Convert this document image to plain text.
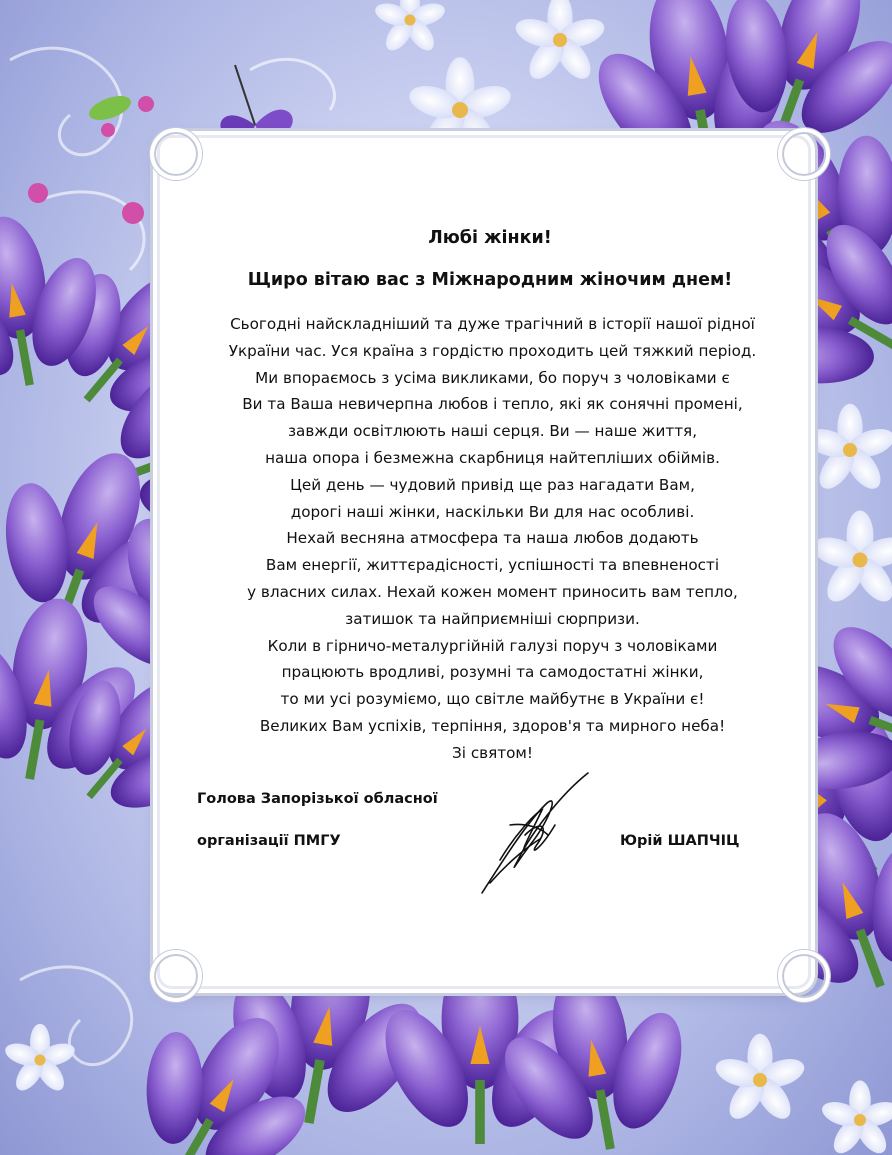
Любі жінки!
Щиро вітаю вас з Міжнародним жіночим днем!
Сьогодні найскладніший та дуже трагічний в історії нашої рідної
України час. Уся країна з гордістю проходить цей тяжкий період.
Ми впораємось з усіма викликами, бо поруч з чоловіками є
Ви та Ваша невичерпна любов і тепло, які як сонячні промені,
завжди освітлюють наші серця. Ви — наше життя,
наша опора і безмежна скарбниця найтепліших обіймів.
Цей день — чудовий привід ще раз нагадати Вам,
дорогі наші жінки, наскільки Ви для нас особливі.
Нехай весняна атмосфера та наша любов додають
Вам енергії, життєрадісності, успішності та впевненості
у власних силах. Нехай кожен момент приносить вам тепло,
затишок та найприємніші сюрпризи.
Коли в гірничо-металургійній галузі поруч з чоловіками
працюють вродливі, розумні та самодостатні жінки,
то ми усі розуміємо, що світле майбутнє в України є!
Великих Вам успіхів, терпіння, здоров'я та мирного неба!
Зі святом!
Голова Запорізької обласної
організації ПМГУ	Юрій ШАПЧІЦ
